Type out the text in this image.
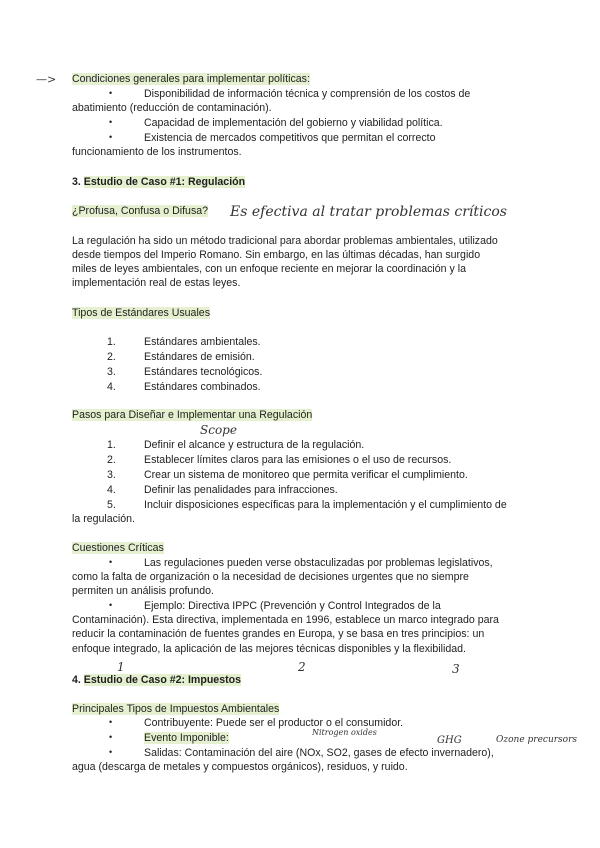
—> Condiciones generales para implementar políticas:
•	Disponibilidad de información técnica y comprensión de los costos de
abatimiento (reducción de contaminación).
•	Capacidad de implementación del gobierno y viabilidad política.
•	Existencia de mercados competitivos que permitan el correcto
funcionamiento de los instrumentos.
3. Estudio de Caso #1: Regulación
¿Profusa, Confusa o Difusa? Es efectiva al tratar problemas críticos
La regulación ha sido un método tradicional para abordar problemas ambientales, utilizado
desde tiempos del Imperio Romano. Sin embargo, en las últimas décadas, han surgido
miles de leyes ambientales, con un enfoque reciente en mejorar la coordinación y la
implementación real de estas leyes.
Tipos de Estándares Usuales
1.	Estándares ambientales.
2.	Estándares de emisión.
3.	Estándares tecnológicos.
4.	Estándares combinados.
Pasos para Diseñar e Implementar una Regulación
Scope
1.	Definir el alcance y estructura de la regulación.
2.	Establecer límites claros para las emisiones o el uso de recursos.
3.	Crear un sistema de monitoreo que permita verificar el cumplimiento.
4.	Definir las penalidades para infracciones.
5.	Incluir disposiciones específicas para la implementación y el cumplimiento de
la regulación.
Cuestiones Críticas
•	Las regulaciones pueden verse obstaculizadas por problemas legislativos,
como la falta de organización o la necesidad de decisiones urgentes que no siempre
permiten un análisis profundo.
•	Ejemplo: Directiva IPPC (Prevención y Control Integrados de la
Contaminación). Esta directiva, implementada en 1996, establece un marco integrado para
reducir la contaminación de fuentes grandes en Europa, y se basa en tres principios: un
enfoque integrado, la aplicación de las mejores técnicas disponibles y la flexibilidad.
1	2	3
4. Estudio de Caso #2: Impuestos
Principales Tipos de Impuestos Ambientales
•	Contribuyente: Puede ser el productor o el consumidor.
•	Evento Imponible:	Nitrogen oxides
GHG	Ozone precursors
•	Salidas: Contaminación del aire (NOx, SO2, gases de efecto invernadero),
agua (descarga de metales y compuestos orgánicos), residuos, y ruido.
